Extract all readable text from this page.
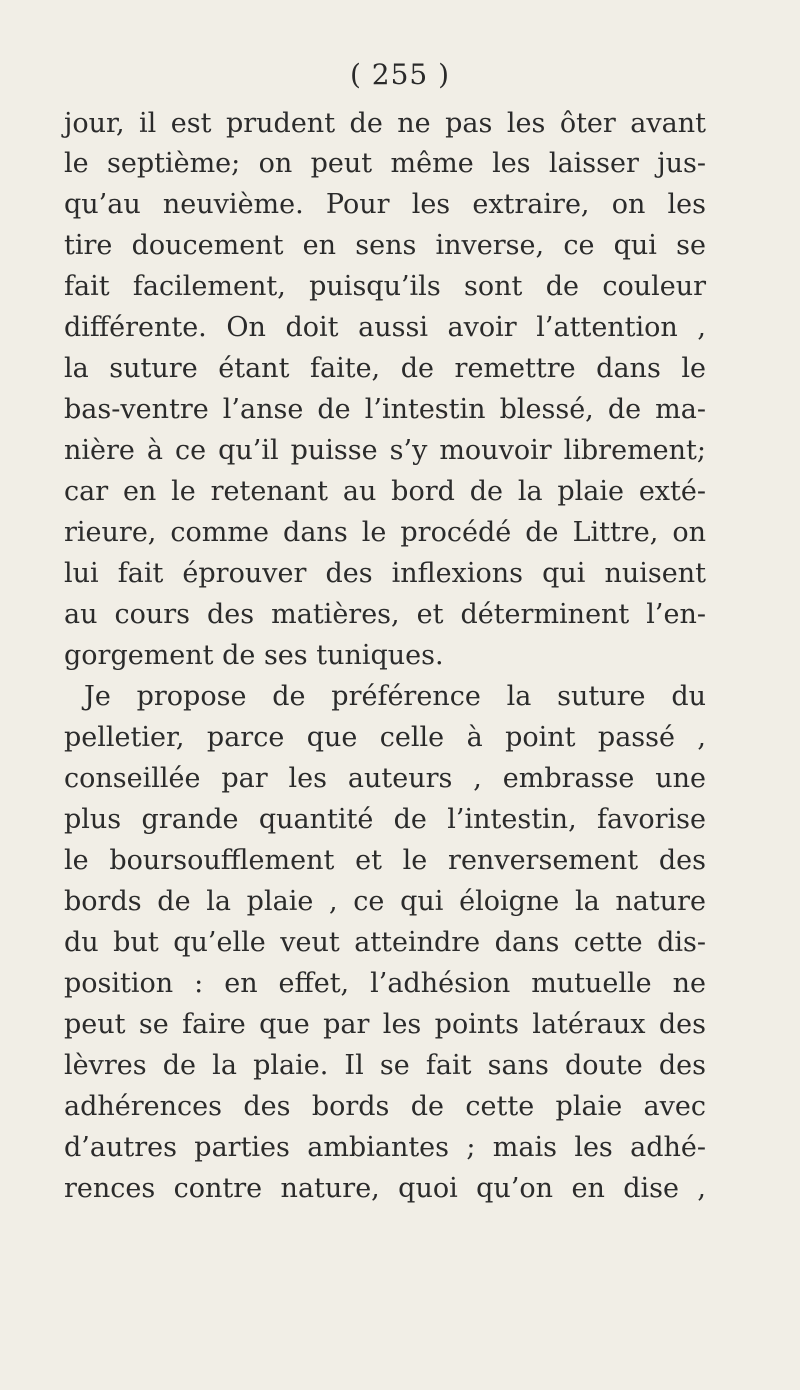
( 255 )
jour, il est prudent de ne pas les ôter avant
le septième; on peut même les laisser jus-
qu’au neuvième. Pour les extraire, on les
tire doucement en sens inverse, ce qui se
fait facilement, puisqu’ils sont de couleur
différente. On doit aussi avoir l’attention ,
la suture étant faite, de remettre dans le
bas-ventre l’anse de l’intestin blessé, de ma-
nière à ce qu’il puisse s’y mouvoir librement;
car en le retenant au bord de la plaie exté-
rieure, comme dans le procédé de Littre, on
lui fait éprouver des inflexions qui nuisent
au cours des matières, et déterminent l’en-
gorgement de ses tuniques.
Je propose de préférence la suture du
pelletier, parce que celle à point passé ,
conseillée par les auteurs , embrasse une
plus grande quantité de l’intestin, favorise
le boursoufflement et le renversement des
bords de la plaie , ce qui éloigne la nature
du but qu’elle veut atteindre dans cette dis-
position : en effet, l’adhésion mutuelle ne
peut se faire que par les points latéraux des
lèvres de la plaie. Il se fait sans doute des
adhérences des bords de cette plaie avec
d’autres parties ambiantes ; mais les adhé-
rences contre nature, quoi qu’on en dise ,
